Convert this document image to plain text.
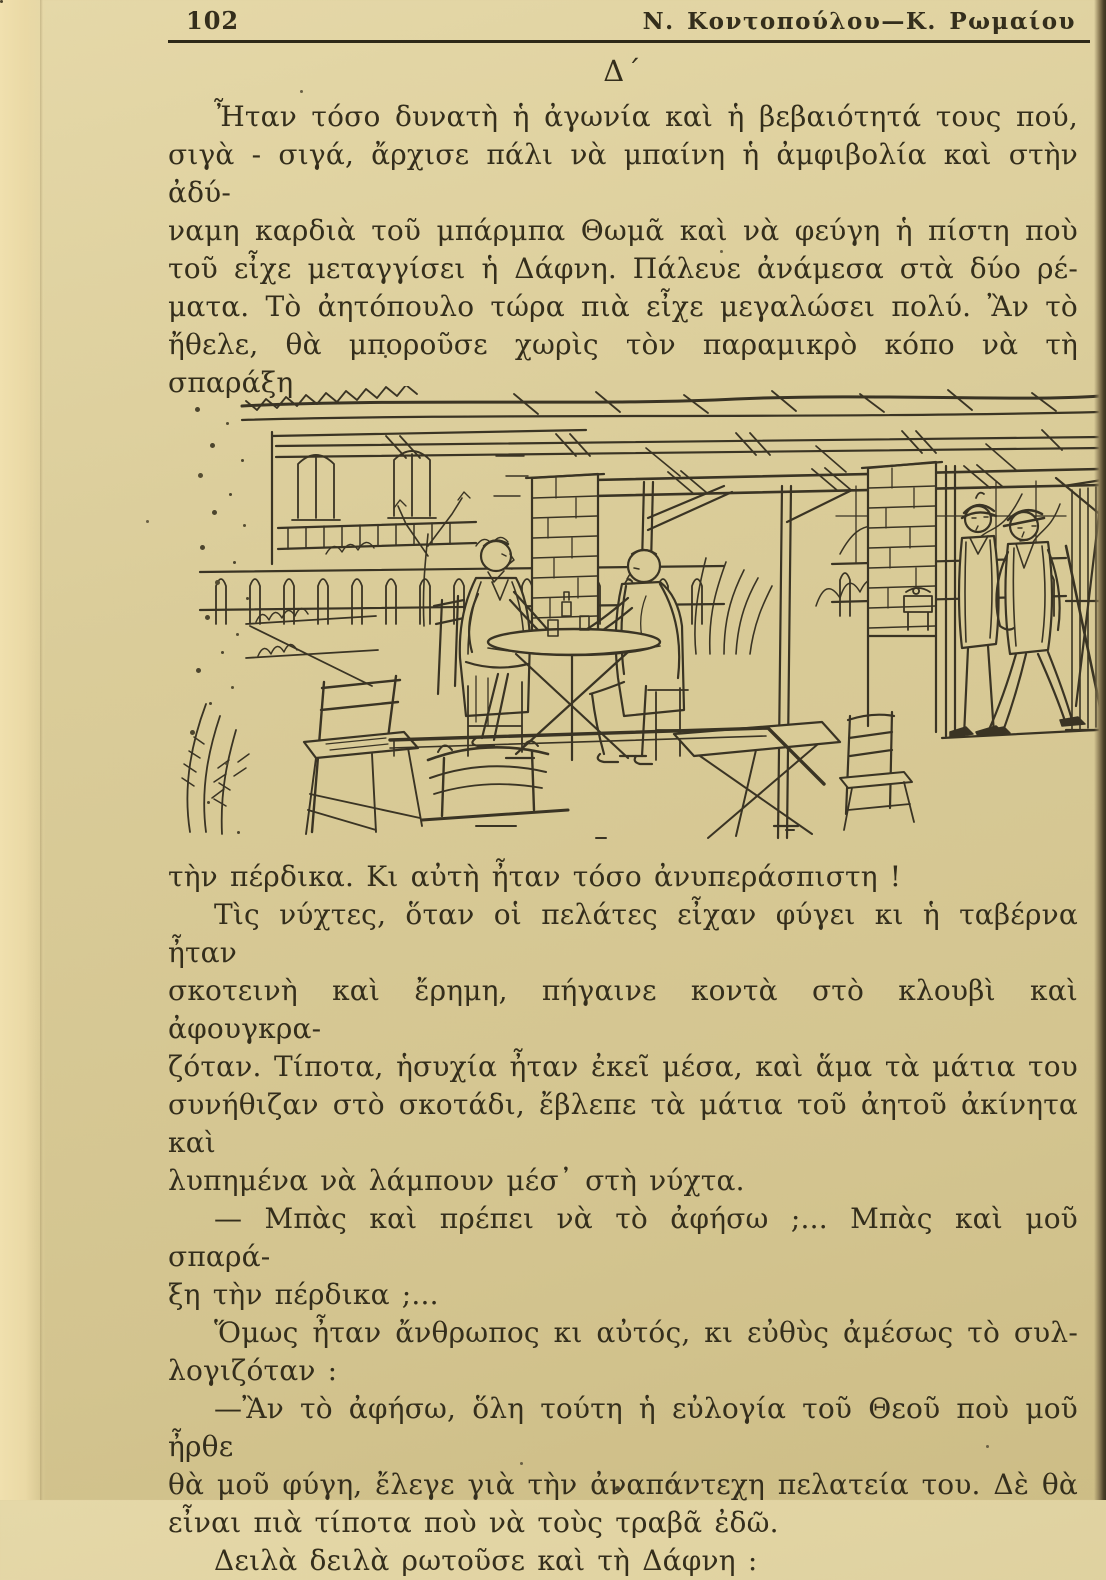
102	Ν. Κοντοπούλου—Κ. Ρωμαίου
Δ´
Ἦταν τόσο δυνατὴ ἡ ἀγωνία καὶ ἡ βεβαιότητά τους πού,
σιγὰ - σιγά, ἄρχισε πάλι νὰ μπαίνη ἡ ἀμφιβολία καὶ στὴν ἀδύ-
ναμη καρδιὰ τοῦ μπάρμπα Θωμᾶ καὶ νὰ φεύγη ἡ πίστη ποὺ
τοῦ εἶχε μεταγγίσει ἡ Δάφνη. Πάλευε ἀνάμεσα στὰ δύο ρέ-
ματα. Τὸ ἀητόπουλο τώρα πιὰ εἶχε μεγαλώσει πολύ. Ἂν τὸ
ἤθελε, θὰ μποροῦσε χωρὶς τὸν παραμικρὸ κόπο νὰ τὴ σπαράξη
τὴν πέρδικα. Κι αὐτὴ ἦταν τόσο ἀνυπεράσπιστη !
Τὶς νύχτες, ὅταν οἱ πελάτες εἶχαν φύγει κι ἡ ταβέρνα ἦταν
σκοτεινὴ καὶ ἔρημη, πήγαινε κοντὰ στὸ κλουβὶ καὶ ἀφουγκρα-
ζόταν. Τίποτα, ἡσυχία ἦταν ἐκεῖ μέσα, καὶ ἅμα τὰ μάτια του
συνήθιζαν στὸ σκοτάδι, ἔβλεπε τὰ μάτια τοῦ ἀητοῦ ἀκίνητα καὶ
λυπημένα νὰ λάμπουν μέσ᾽ στὴ νύχτα.
— Μπὰς καὶ πρέπει νὰ τὸ ἀφήσω ;... Μπὰς καὶ μοῦ σπαρά-
ξη τὴν πέρδικα ;...
Ὅμως ἦταν ἄνθρωπος κι αὐτός, κι εὐθὺς ἀμέσως τὸ συλ-
λογιζόταν :
—Ἂν τὸ ἀφήσω, ὅλη τούτη ἡ εὐλογία τοῦ Θεοῦ ποὺ μοῦ ἦρθε
θὰ μοῦ φύγη, ἔλεγε γιὰ τὴν ἀναπάντεχη πελατεία του. Δὲ θὰ
εἶναι πιὰ τίποτα ποὺ νὰ τοὺς τραβᾶ ἐδῶ.
Δειλὰ δειλὰ ρωτοῦσε καὶ τὴ Δάφνη :
